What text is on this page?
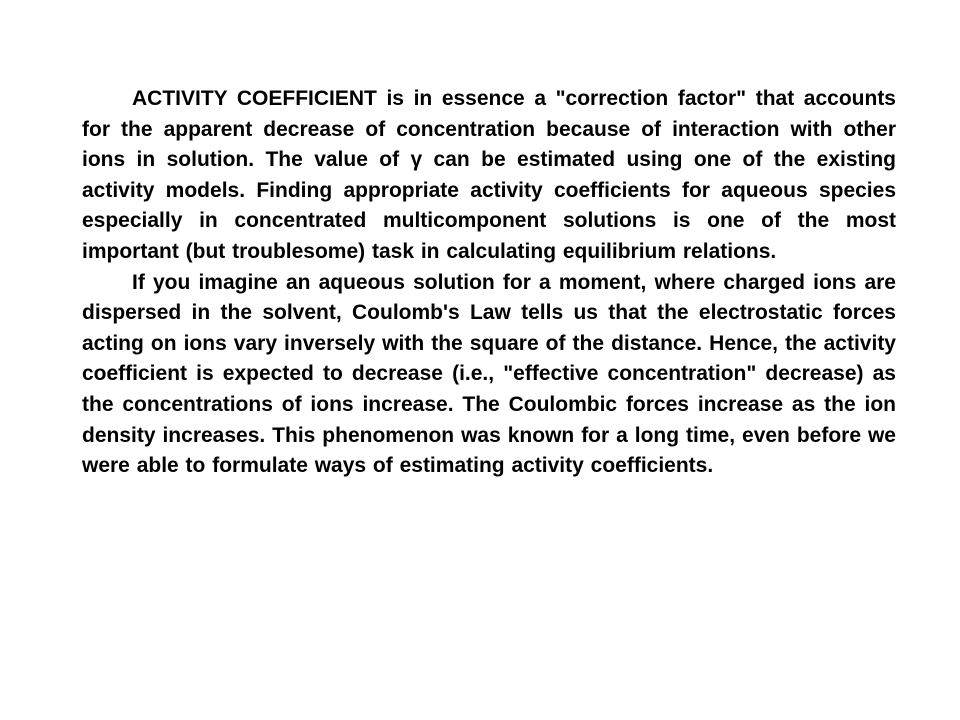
ACTIVITY COEFFICIENT is in essence a "correction factor" that accounts for the apparent decrease of concentration because of interaction with other ions in solution. The value of γ can be estimated using one of the existing activity models. Finding appropriate activity coefficients for aqueous species especially in concentrated multicomponent solutions is one of the most important (but troublesome) task in calculating equilibrium relations.

If you imagine an aqueous solution for a moment, where charged ions are dispersed in the solvent, Coulomb's Law tells us that the electrostatic forces acting on ions vary inversely with the square of the distance. Hence, the activity coefficient is expected to decrease (i.e., "effective concentration" decrease) as the concentrations of ions increase. The Coulombic forces increase as the ion density increases. This phenomenon was known for a long time, even before we were able to formulate ways of estimating activity coefficients.
